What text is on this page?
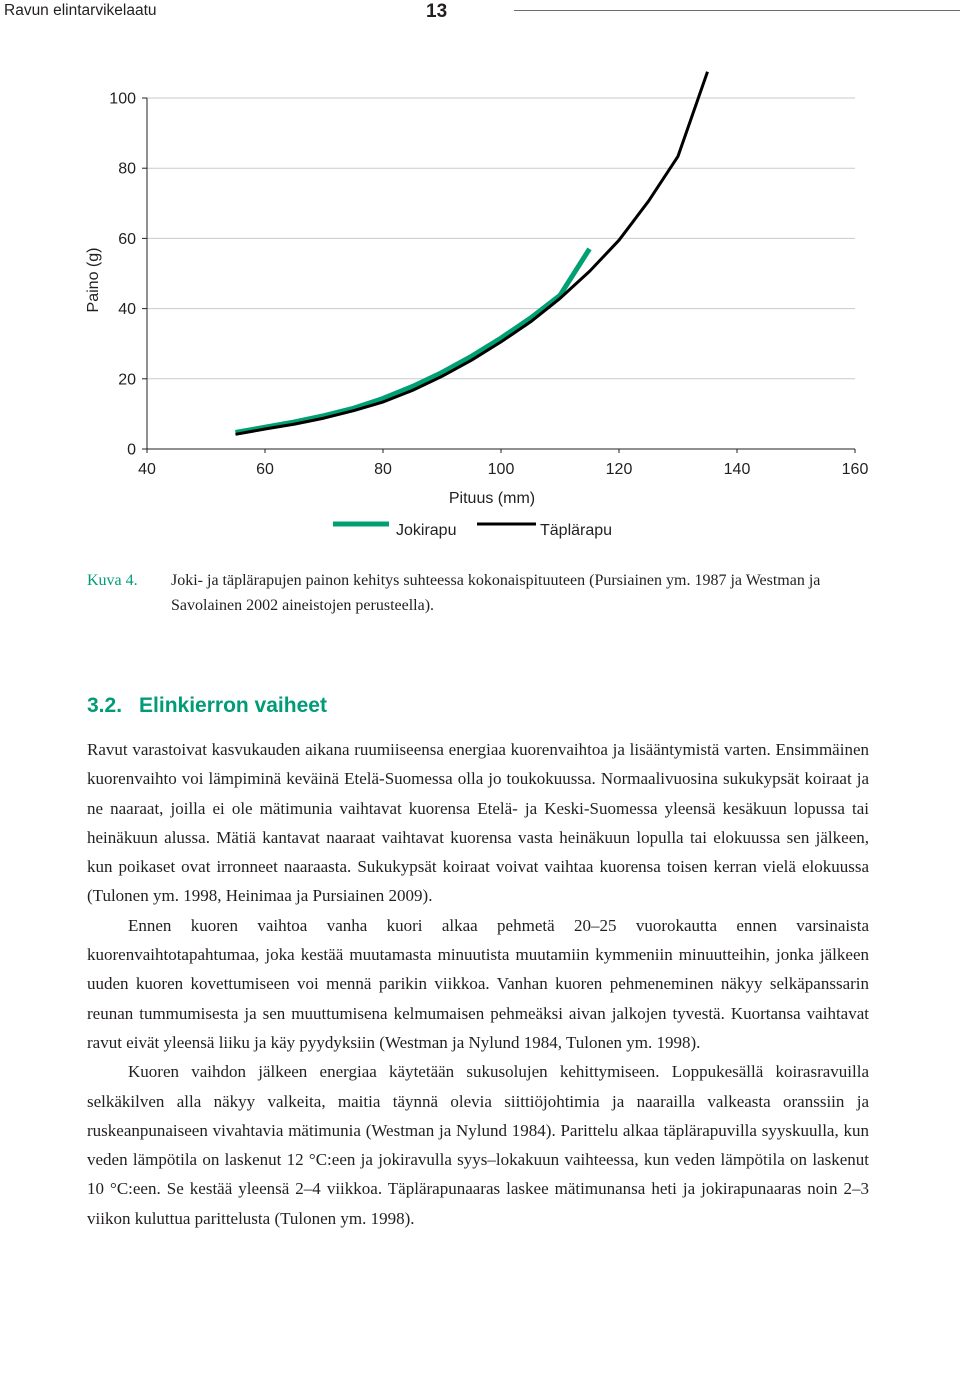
Ravun elintarvikelaatu	13
0
20
40
60
80
100
40	60	80	100	120	140	160
Paino (g)
Pituus (mm)
Jokirapu	Täplärapu
Kuva 4. Joki- ja täplärapujen painon kehitys suhteessa kokonaispituuteen (Pursiainen ym. 1987 ja Westman ja Savolainen 2002 aineistojen perusteella).
3.2. Elinkierron vaiheet

Ravut varastoivat kasvukauden aikana ruumiiseensa energiaa kuorenvaihtoa ja lisääntymistä varten. Ensimmäinen kuorenvaihto voi lämpiminä keväinä Etelä-Suomessa olla jo toukokuussa. Normaalivuosina sukukypsät koiraat ja ne naaraat, joilla ei ole mätimunia vaihtavat kuorensa Etelä- ja Keski-Suomessa yleensä kesäkuun lopussa tai heinäkuun alussa. Mätiä kantavat naaraat vaihtavat kuorensa vasta heinäkuun lopulla tai elokuussa sen jälkeen, kun poikaset ovat irronneet naaraasta. Sukukypsät koiraat voivat vaihtaa kuorensa toisen kerran vielä elokuussa (Tulonen ym. 1998, Heinimaa ja Pursiainen 2009).

Ennen kuoren vaihtoa vanha kuori alkaa pehmetä 20–25 vuorokautta ennen varsinaista kuorenvaihtotapahtumaa, joka kestää muutamasta minuutista muutamiin kymmeniin minuutteihin, jonka jälkeen uuden kuoren kovettumiseen voi mennä parikin viikkoa. Vanhan kuoren pehmeneminen näkyy selkäpanssarin reunan tummumisesta ja sen muuttumisena kelmumaisen pehmeäksi aivan jalkojen tyvestä. Kuortansa vaihtavat ravut eivät yleensä liiku ja käy pyydyksiin (Westman ja Nylund 1984, Tulonen ym. 1998).

Kuoren vaihdon jälkeen energiaa käytetään sukusolujen kehittymiseen. Loppukesällä koirasravuilla selkäkilven alla näkyy valkeita, maitia täynnä olevia siittiöjohtimia ja naarailla valkeasta oranssiin ja ruskeanpunaiseen vivahtavia mätimunia (Westman ja Nylund 1984). Parittelu alkaa täplärapuvilla syyskuulla, kun veden lämpötila on laskenut 12 °C:een ja jokiravulla syys–lokakuun vaihteessa, kun veden lämpötila on laskenut 10 °C:een. Se kestää yleensä 2–4 viikkoa. Täplärapunaaras laskee mätimunansa heti ja jokirapunaaras noin 2–3 viikon kuluttua parittelusta (Tulonen ym. 1998).
